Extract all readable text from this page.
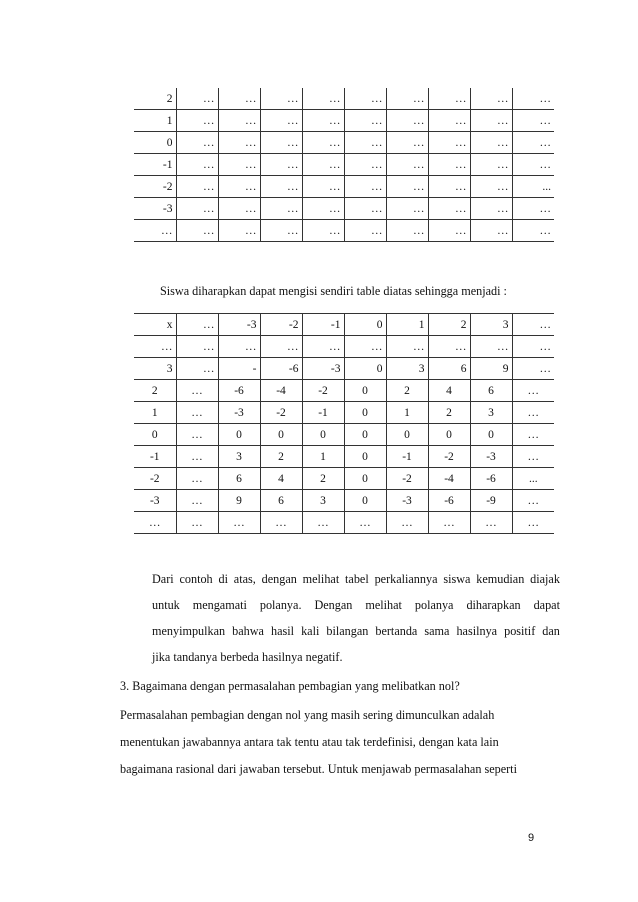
2	…	…	…	…	…	…	…	…	…
1	…	…	…	…	…	…	…	…	…
0	…	…	…	…	…	…	…	…	…
-1	…	…	…	…	…	…	…	…	…
-2	…	…	…	…	…	…	…	…	...
-3	…	…	…	…	…	…	…	…	…
…	…	…	…	…	…	…	…	…	…

Siswa diharapkan dapat mengisi sendiri table diatas sehingga menjadi :

x	…	-3	-2	-1	0	1	2	3	…
…	…	…	…	…	…	…	…	…	…
3	…	-	-6	-3	0	3	6	9	…
2	…	-6	-4	-2	0	2	4	6	…
1	…	-3	-2	-1	0	1	2	3	…
0	…	0	0	0	0	0	0	0	…
-1	…	3	2	1	0	-1	-2	-3	…
-2	…	6	4	2	0	-2	-4	-6	...
-3	…	9	6	3	0	-3	-6	-9	…
…	…	…	…	…	…	…	…	…	…

Dari contoh di atas, dengan melihat tabel perkaliannya siswa kemudian diajak

untuk mengamati polanya. Dengan melihat polanya diharapkan dapat

menyimpulkan bahwa hasil kali bilangan bertanda sama hasilnya positif dan

jika tandanya berbeda hasilnya negatif.

3. Bagaimana dengan permasalahan pembagian yang melibatkan nol?

Permasalahan pembagian dengan nol yang masih sering dimunculkan adalah

menentukan jawabannya antara tak tentu atau tak terdefinisi, dengan kata lain

bagaimana rasional dari jawaban tersebut. Untuk menjawab permasalahan seperti

9
